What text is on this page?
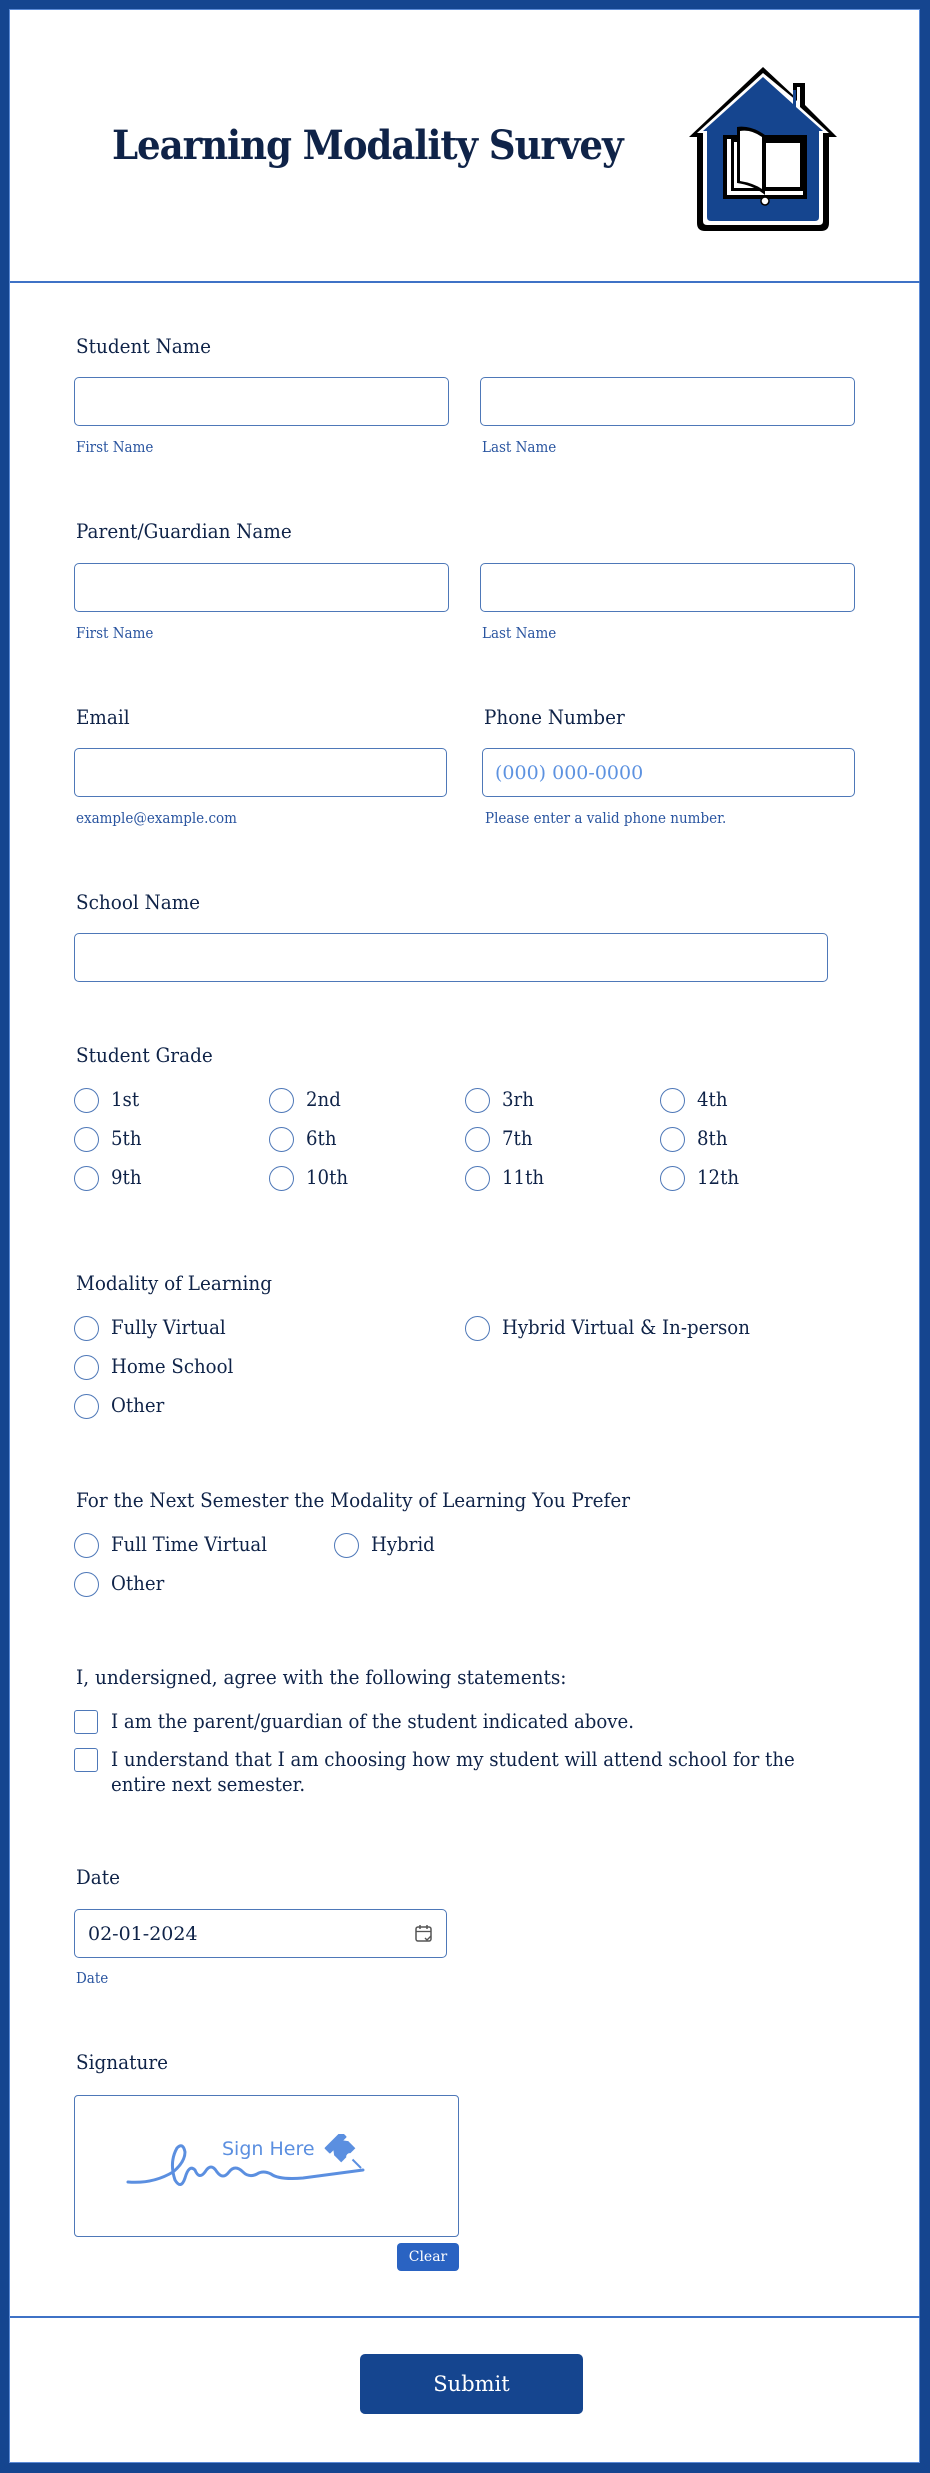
Learning Modality Survey
Student Name
First Name	Last Name
Parent/Guardian Name
First Name	Last Name
Email
example@example.com
Phone Number
(000) 000-0000
Please enter a valid phone number.
School Name
Student Grade
1st	2nd	3rh	4th
5th	6th	7th	8th
9th	10th	11th	12th
Modality of Learning
Fully Virtual	Hybrid Virtual & In-person
Home School
Other
For the Next Semester the Modality of Learning You Prefer
Full Time Virtual	Hybrid
Other
I, undersigned, agree with the following statements:
I am the parent/guardian of the student indicated above.
I understand that I am choosing how my student will attend school for the
entire next semester.
Date
02-01-2024
Date
Signature
Sign Here
Clear
Submit
